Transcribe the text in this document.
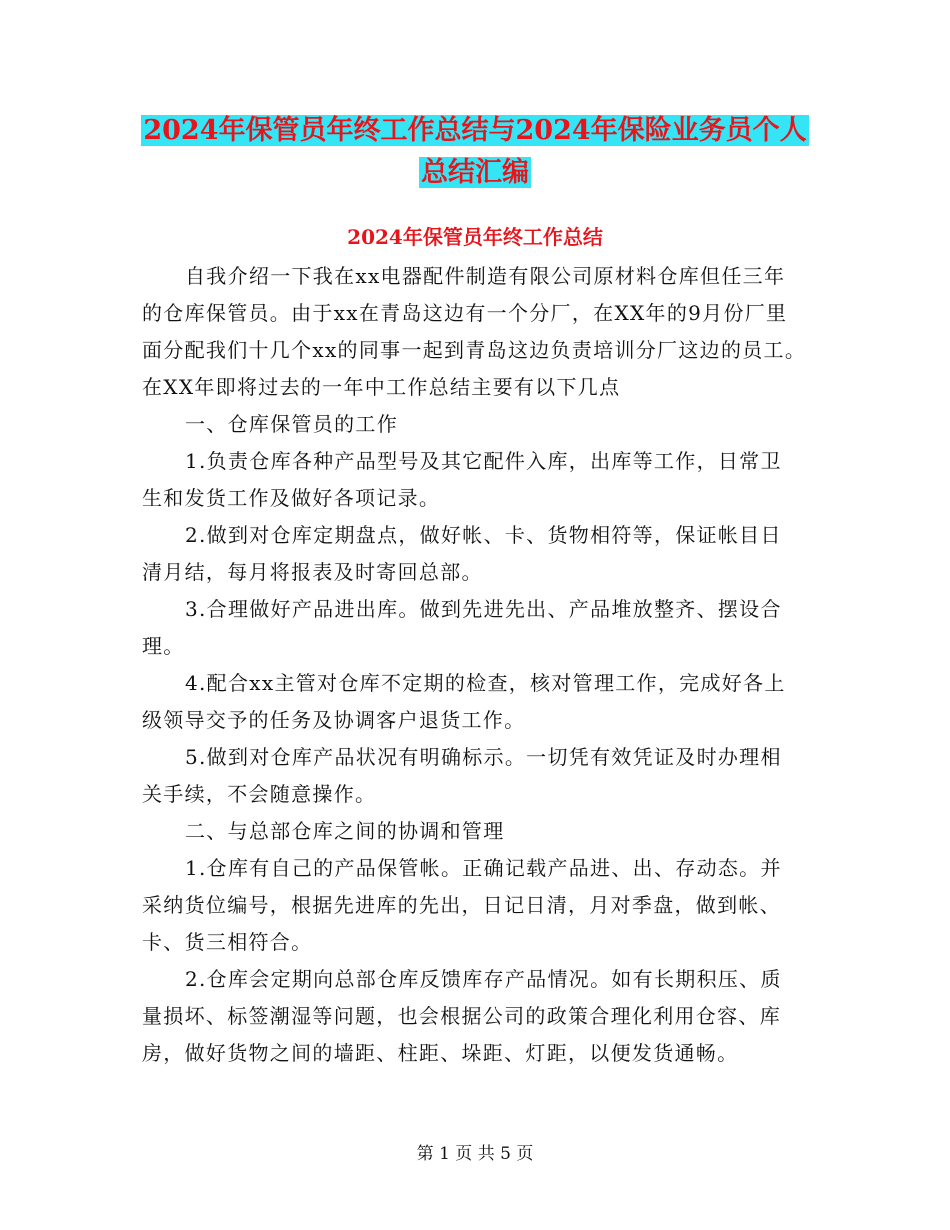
2024年保管员年终工作总结与2024年保险业务员个人
总结汇编
2024年保管员年终工作总结
自我介绍一下我在xx电器配件制造有限公司原材料仓库但任三年
的仓库保管员。由于xx在青岛这边有一个分厂，在XX年的9月份厂里
面分配我们十几个xx的同事一起到青岛这边负责培训分厂这边的员工。
在XX年即将过去的一年中工作总结主要有以下几点
一、仓库保管员的工作
1.负责仓库各种产品型号及其它配件入库，出库等工作，日常卫
生和发货工作及做好各项记录。
2.做到对仓库定期盘点，做好帐、卡、货物相符等，保证帐目日
清月结，每月将报表及时寄回总部。
3.合理做好产品进出库。做到先进先出、产品堆放整齐、摆设合
理。
4.配合xx主管对仓库不定期的检查，核对管理工作，完成好各上
级领导交予的任务及协调客户退货工作。
5.做到对仓库产品状况有明确标示。一切凭有效凭证及时办理相
关手续，不会随意操作。
二、与总部仓库之间的协调和管理
1.仓库有自己的产品保管帐。正确记载产品进、出、存动态。并
采纳货位编号，根据先进库的先出，日记日清，月对季盘，做到帐、
卡、货三相符合。
2.仓库会定期向总部仓库反馈库存产品情况。如有长期积压、质
量损坏、标签潮湿等问题，也会根据公司的政策合理化利用仓容、库
房，做好货物之间的墙距、柱距、垛距、灯距，以便发货通畅。
第 1 页 共 5 页
